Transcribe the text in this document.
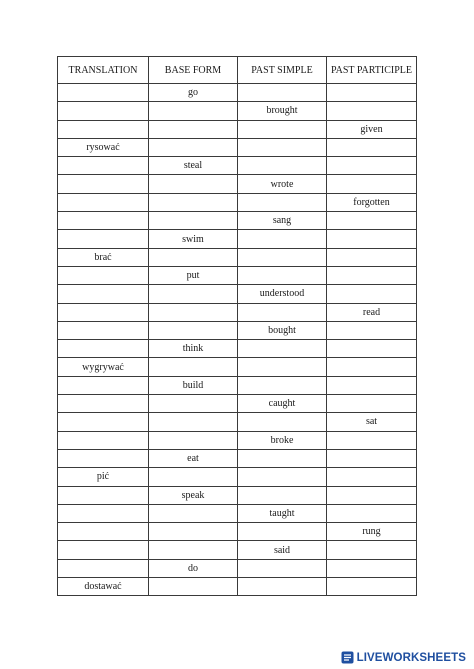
TRANSLATION	BASE FORM	PAST SIMPLE	PAST PARTICIPLE
	go		
		brought	
			given
rysować			
	steal		
		wrote	
			forgotten
		sang	
	swim		
brać			
	put		
		understood	
			read
		bought	
	think		
wygrywać			
	build		
		caught	
			sat
		broke	
	eat		
pić			
	speak		
		taught	
			rung
		said	
	do		
dostawać			
LIVEWORKSHEETS
